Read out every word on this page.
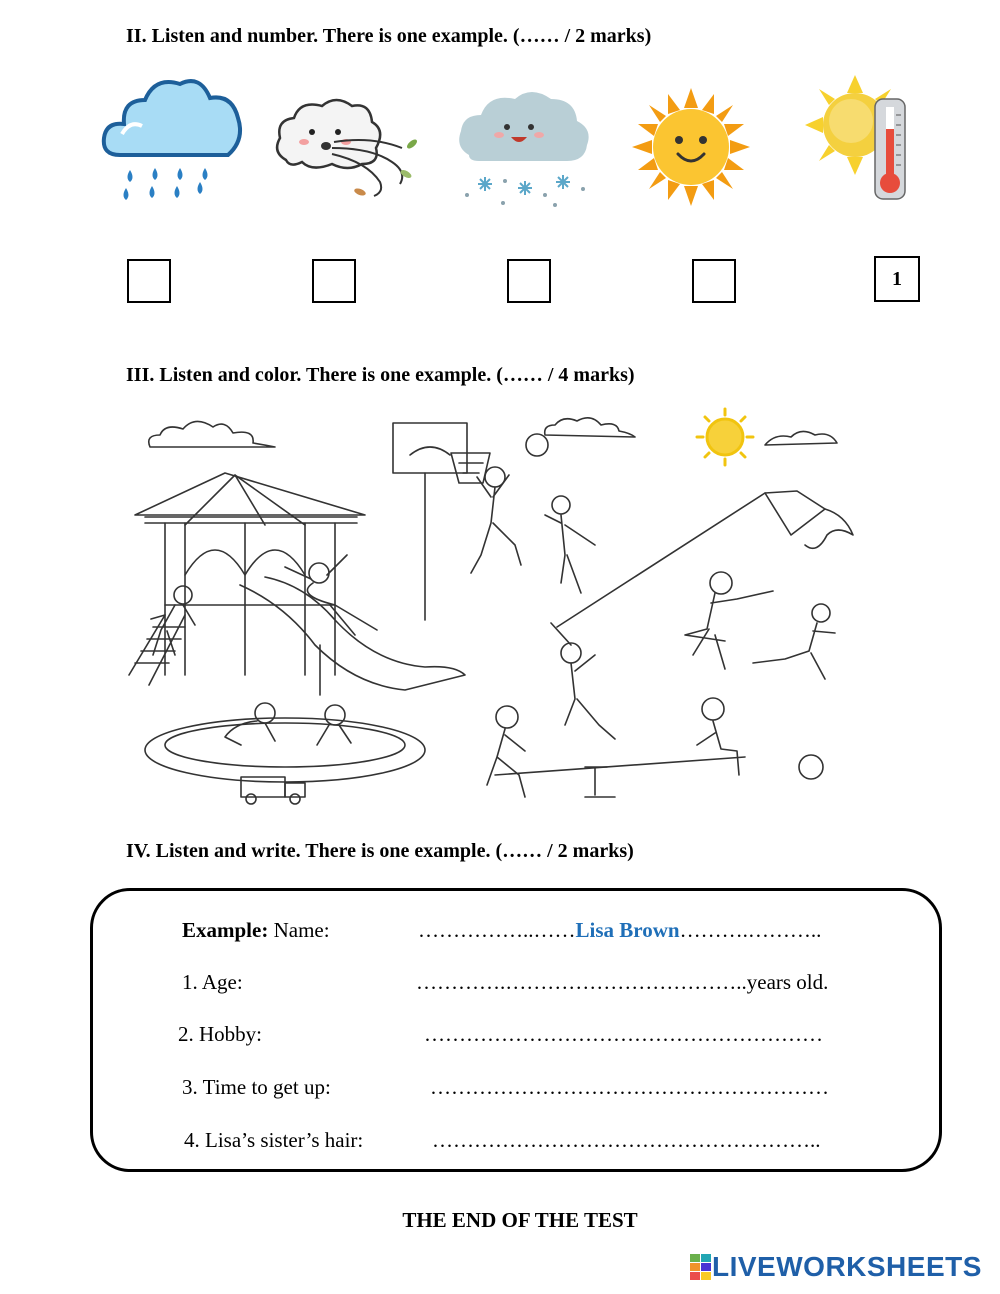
II. Listen and number. There is one example. (…… / 2 marks)
1
III. Listen and color. There is one example. (…… / 4 marks)
IV. Listen and write. There is one example. (…… / 2 marks)
Example: Name:	……………..……Lisa Brown……….………..
1. Age:	………….……………………………..years old.
2. Hobby:	…………………………………………………
3. Time to get up:	…………………………………………………
4. Lisa’s sister’s hair:	………………………………………………..
THE END OF THE TEST
LIVEWORKSHEETS
